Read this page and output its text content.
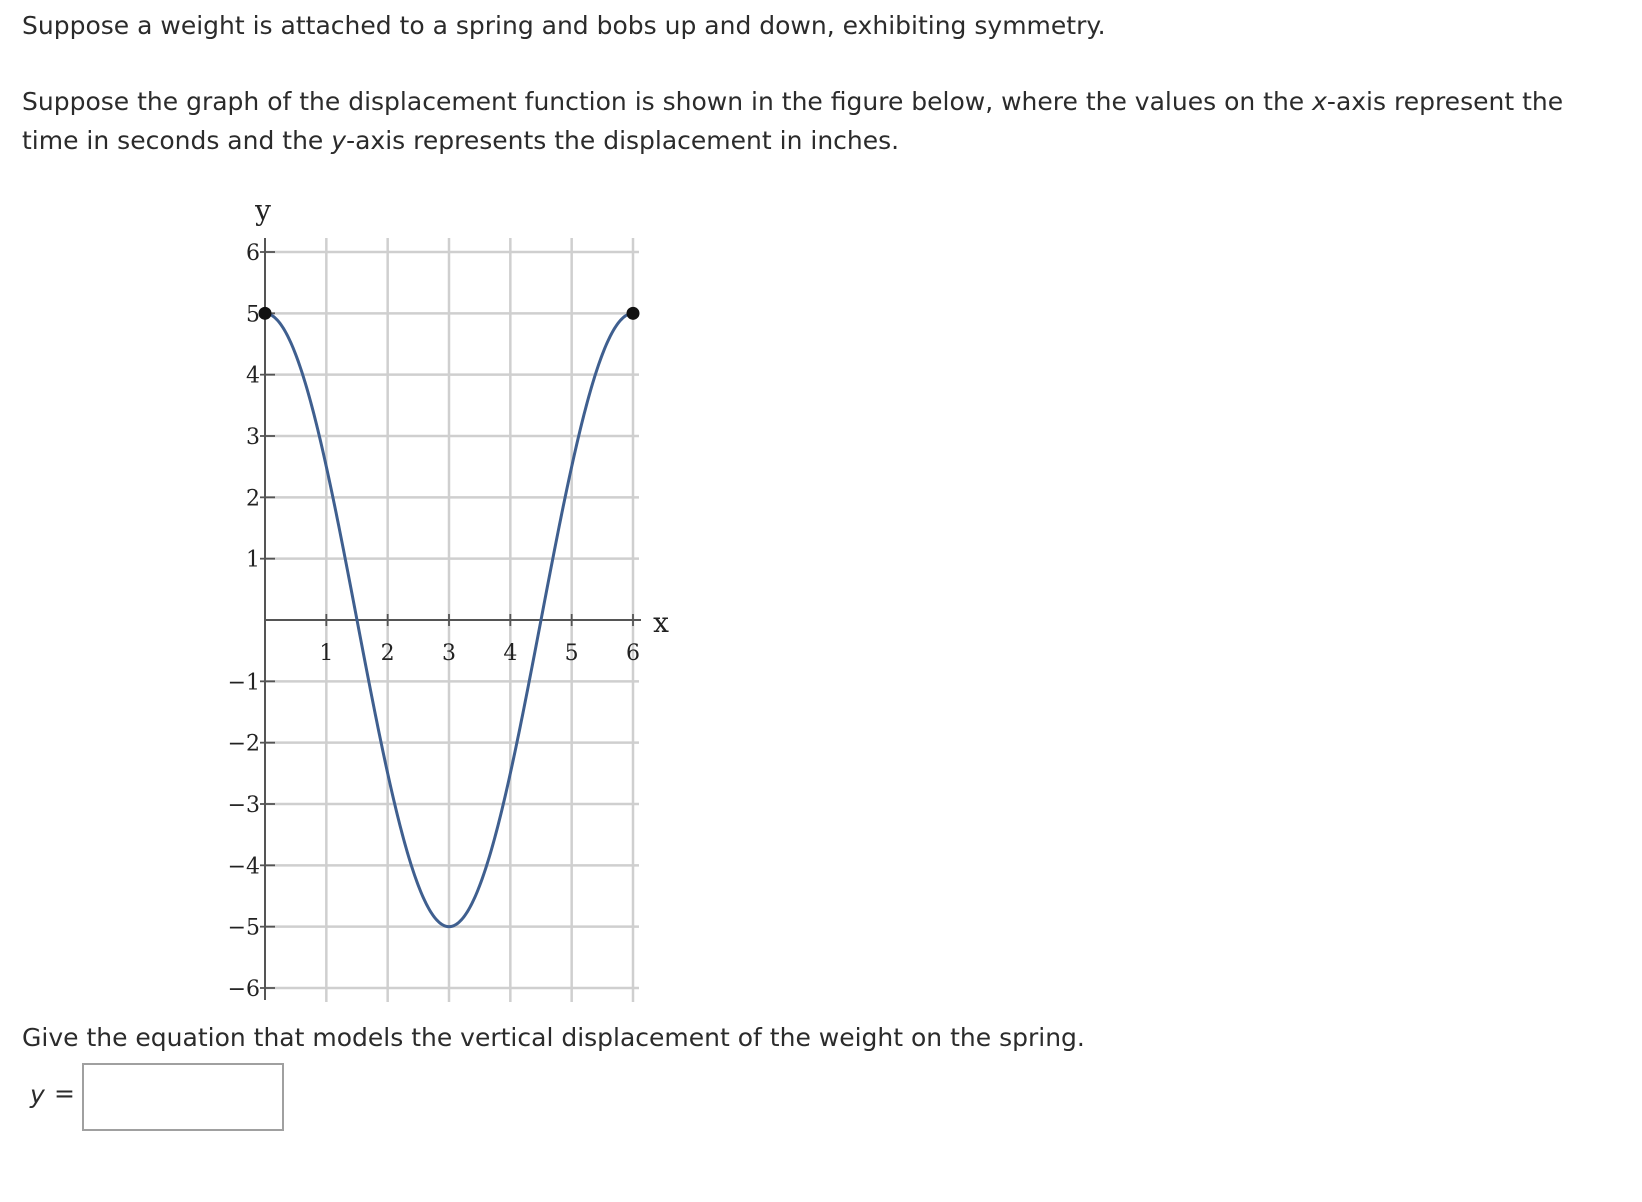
Suppose a weight is attached to a spring and bobs up and down, exhibiting symmetry.

Suppose the graph of the displacement function is shown in the figure below, where the values on the x-axis represent the
time in seconds and the y-axis represents the displacement in inches.

1 2 3 4 5 6
−6
−5
−4
−3
−2
−1
1
2
3
4
5
6
y
x

Give the equation that models the vertical displacement of the weight on the spring.

y =
